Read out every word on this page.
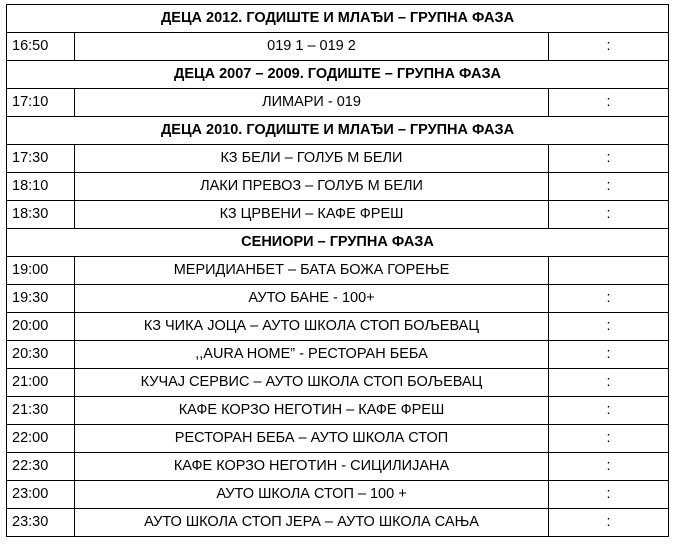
ДЕЦА 2012. ГОДИШТЕ И МЛАЂИ – ГРУПНА ФАЗА		
16:50	019 1 – 019 2	:
ДЕЦА 2007 – 2009. ГОДИШТЕ – ГРУПНА ФАЗА		
17:10	ЛИМАРИ - 019	:
ДЕЦА 2010. ГОДИШТЕ И МЛАЂИ – ГРУПНА ФАЗА		
17:30	КЗ БЕЛИ – ГОЛУБ М БЕЛИ	:
18:10	ЛАКИ ПРЕВОЗ – ГОЛУБ М БЕЛИ	:
18:30	КЗ ЦРВЕНИ – КАФЕ ФРЕШ	:
СЕНИОРИ – ГРУПНА ФАЗА		
19:00	МЕРИДИАНБЕТ – БАТА БОЖА ГОРЕЊЕ	
19:30	АУТО БАНЕ - 100+	:
20:00	КЗ ЧИКА ЈОЦА – АУТО ШКОЛА СТОП БОЉЕВАЦ	:
20:30	,,AURA HOME” - РЕСТОРАН БЕБА	:
21:00	КУЧАЈ СЕРВИС – АУТО ШКОЛА СТОП БОЉЕВАЦ	:
21:30	КАФЕ КОРЗО НЕГОТИН – КАФЕ ФРЕШ	:
22:00	РЕСТОРАН БЕБА – АУТО ШКОЛА СТОП	:
22:30	КАФЕ КОРЗО НЕГОТИН - СИЦИЛИЈАНА	:
23:00	АУТО ШКОЛА СТОП – 100 +	:
23:30	АУТО ШКОЛА СТОП ЈЕРА – АУТО ШКОЛА САЊА	:
